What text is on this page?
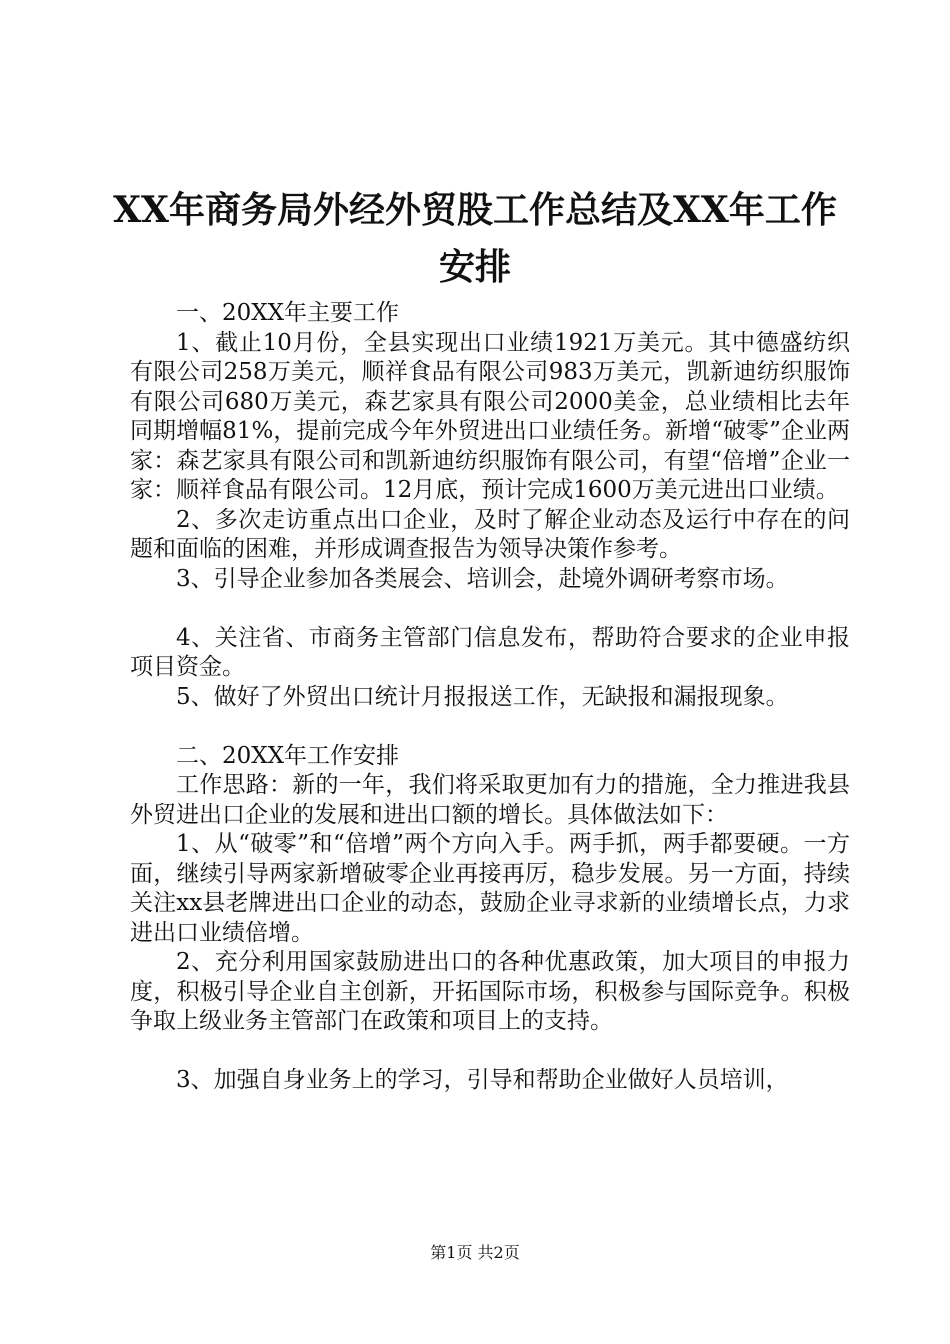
XX年商务局外经外贸股工作总结及XX年工作
安排

一、20XX年主要工作

1、截止10月份，全县实现出口业绩1921万美元。其中德盛纺织有限公司258万美元，顺祥食品有限公司983万美元，凯新迪纺织服饰有限公司680万美元，森艺家具有限公司2000美金，总业绩相比去年同期增幅81%，提前完成今年外贸进出口业绩任务。新增“破零”企业两家：森艺家具有限公司和凯新迪纺织服饰有限公司，有望“倍增”企业一家：顺祥食品有限公司。12月底，预计完成1600万美元进出口业绩。

2、多次走访重点出口企业，及时了解企业动态及运行中存在的问题和面临的困难，并形成调查报告为领导决策作参考。

3、引导企业参加各类展会、培训会，赴境外调研考察市场。

4、关注省、市商务主管部门信息发布，帮助符合要求的企业申报项目资金。

5、做好了外贸出口统计月报报送工作，无缺报和漏报现象。

二、20XX年工作安排

工作思路：新的一年，我们将采取更加有力的措施，全力推进我县外贸进出口企业的发展和进出口额的增长。具体做法如下：

1、从“破零”和“倍增”两个方向入手。两手抓，两手都要硬。一方面，继续引导两家新增破零企业再接再厉，稳步发展。另一方面，持续关注xx县老牌进出口企业的动态，鼓励企业寻求新的业绩增长点，力求进出口业绩倍增。

2、充分利用国家鼓励进出口的各种优惠政策，加大项目的申报力度，积极引导企业自主创新，开拓国际市场，积极参与国际竞争。积极争取上级业务主管部门在政策和项目上的支持。

3、加强自身业务上的学习，引导和帮助企业做好人员培训，

第1页 共2页
